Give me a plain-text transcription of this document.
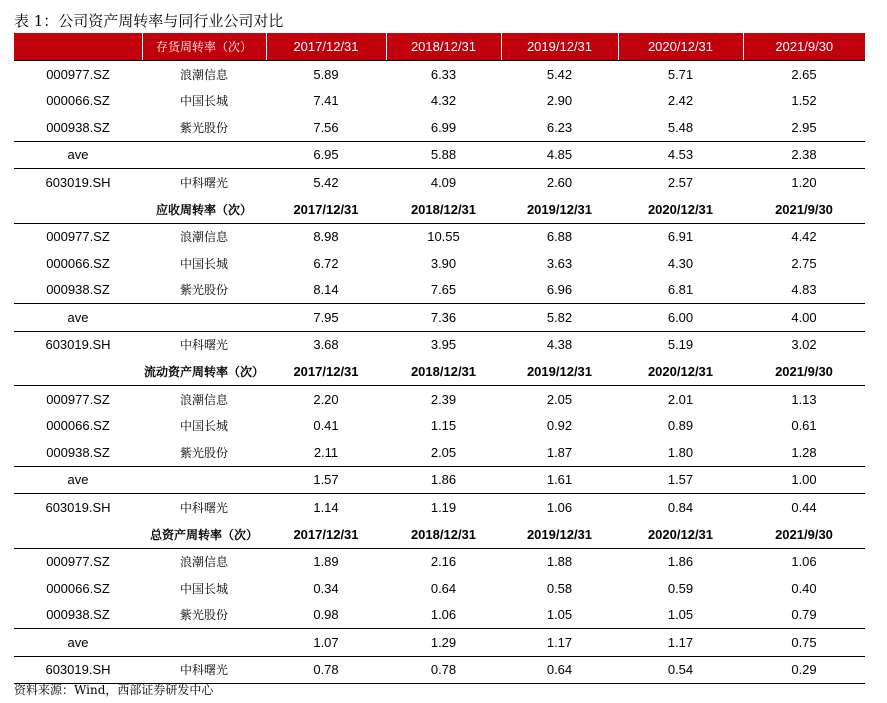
表 1：公司资产周转率与同行业公司对比
	存货周转率（次）	2017/12/31	2018/12/31	2019/12/31	2020/12/31	2021/9/30
000977.SZ	浪潮信息	5.89	6.33	5.42	5.71	2.65
000066.SZ	中国长城	7.41	4.32	2.90	2.42	1.52
000938.SZ	紫光股份	7.56	6.99	6.23	5.48	2.95
ave		6.95	5.88	4.85	4.53	2.38
603019.SH	中科曙光	5.42	4.09	2.60	2.57	1.20
	应收周转率（次）	2017/12/31	2018/12/31	2019/12/31	2020/12/31	2021/9/30
000977.SZ	浪潮信息	8.98	10.55	6.88	6.91	4.42
000066.SZ	中国长城	6.72	3.90	3.63	4.30	2.75
000938.SZ	紫光股份	8.14	7.65	6.96	6.81	4.83
ave		7.95	7.36	5.82	6.00	4.00
603019.SH	中科曙光	3.68	3.95	4.38	5.19	3.02
	流动资产周转率（次）	2017/12/31	2018/12/31	2019/12/31	2020/12/31	2021/9/30
000977.SZ	浪潮信息	2.20	2.39	2.05	2.01	1.13
000066.SZ	中国长城	0.41	1.15	0.92	0.89	0.61
000938.SZ	紫光股份	2.11	2.05	1.87	1.80	1.28
ave		1.57	1.86	1.61	1.57	1.00
603019.SH	中科曙光	1.14	1.19	1.06	0.84	0.44
	总资产周转率（次）	2017/12/31	2018/12/31	2019/12/31	2020/12/31	2021/9/30
000977.SZ	浪潮信息	1.89	2.16	1.88	1.86	1.06
000066.SZ	中国长城	0.34	0.64	0.58	0.59	0.40
000938.SZ	紫光股份	0.98	1.06	1.05	1.05	0.79
ave		1.07	1.29	1.17	1.17	0.75
603019.SH	中科曙光	0.78	0.78	0.64	0.54	0.29
资料来源：Wind，西部证券研发中心
